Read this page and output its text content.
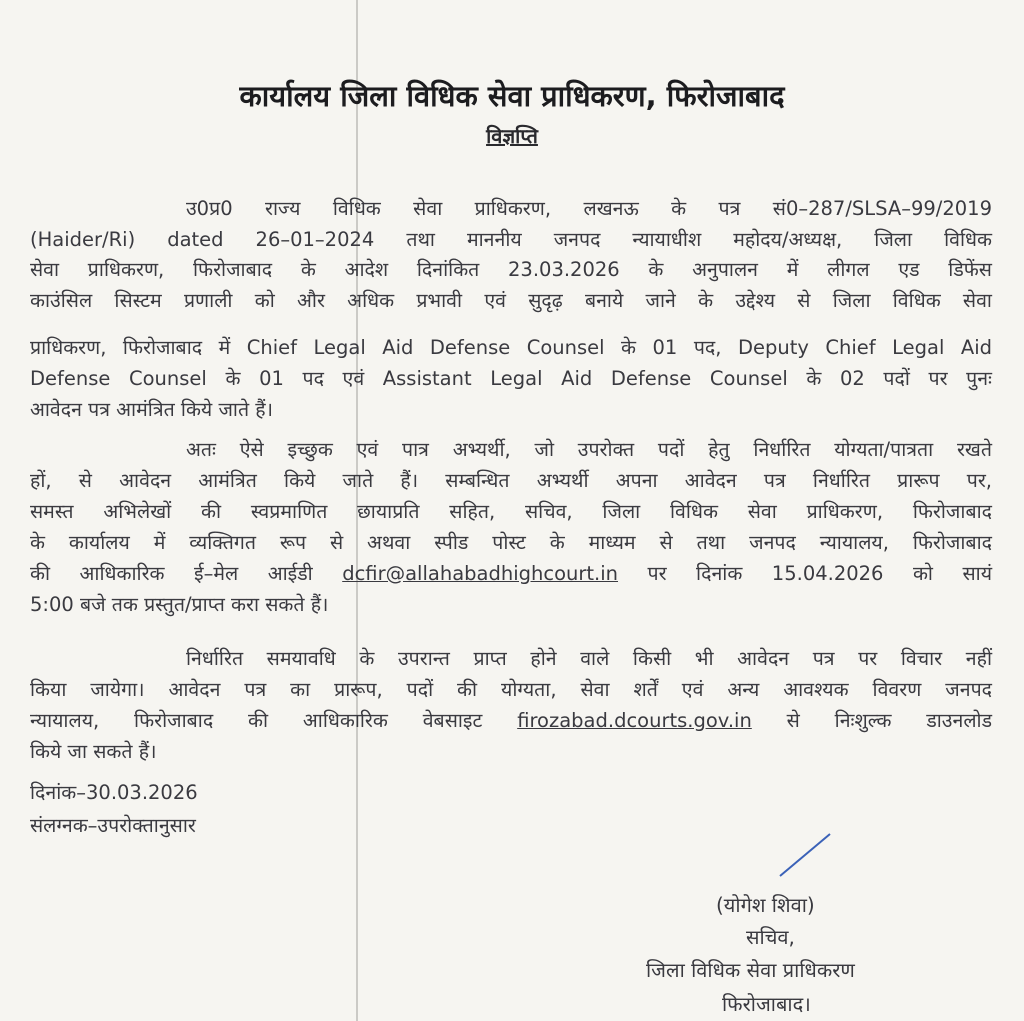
कार्यालय जिला विधिक सेवा प्राधिकरण, फिरोजाबाद
विज्ञप्ति
उ0प्र0 राज्य विधिक सेवा प्राधिकरण, लखनऊ के पत्र सं0–287/SLSA–99/2019
(Haider/Ri) dated 26–01–2024 तथा माननीय जनपद न्यायाधीश महोदय/अध्यक्ष, जिला विधिक
सेवा प्राधिकरण, फिरोजाबाद के आदेश दिनांकित 23.03.2026 के अनुपालन में लीगल एड डिफेंस
काउंसिल सिस्टम प्रणाली को और अधिक प्रभावी एवं सुदृढ़ बनाये जाने के उद्देश्य से जिला विधिक सेवा
प्राधिकरण, फिरोजाबाद में Chief Legal Aid Defense Counsel के 01 पद, Deputy Chief Legal Aid
Defense Counsel के 01 पद एवं Assistant Legal Aid Defense Counsel के 02 पदों पर पुनः
आवेदन पत्र आमंत्रित किये जाते हैं।
अतः ऐसे इच्छुक एवं पात्र अभ्यर्थी, जो उपरोक्त पदों हेतु निर्धारित योग्यता/पात्रता रखते
हों, से आवेदन आमंत्रित किये जाते हैं। सम्बन्धित अभ्यर्थी अपना आवेदन पत्र निर्धारित प्रारूप पर,
समस्त अभिलेखों की स्वप्रमाणित छायाप्रति सहित, सचिव, जिला विधिक सेवा प्राधिकरण, फिरोजाबाद
के कार्यालय में व्यक्तिगत रूप से अथवा स्पीड पोस्ट के माध्यम से तथा जनपद न्यायालय, फिरोजाबाद
की आधिकारिक ई–मेल आईडी dcfir@allahabadhighcourt.in पर दिनांक 15.04.2026 को सायं
5:00 बजे तक प्रस्तुत/प्राप्त करा सकते हैं।
निर्धारित समयावधि के उपरान्त प्राप्त होने वाले किसी भी आवेदन पत्र पर विचार नहीं
किया जायेगा। आवेदन पत्र का प्रारूप, पदों की योग्यता, सेवा शर्तें एवं अन्य आवश्यक विवरण जनपद
न्यायालय, फिरोजाबाद की आधिकारिक वेबसाइट firozabad.dcourts.gov.in से निःशुल्क डाउनलोड
किये जा सकते हैं।
दिनांक–30.03.2026
संलग्नक–उपरोक्तानुसार
(योगेश शिवा)
सचिव,
जिला विधिक सेवा प्राधिकरण
फिरोजाबाद।
